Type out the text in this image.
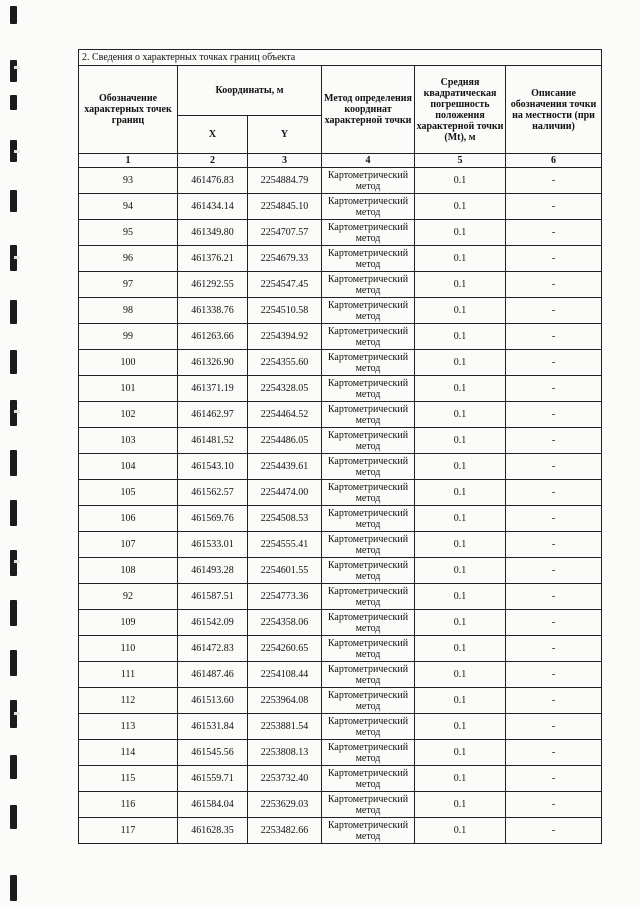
2. Сведения о характерных точках границ объекта					
Обозначение характерных точек границ	Координаты, м		Метод определения координат характерной точки	Средняя квадратическая погрешность положения характерной точки (Mt), м	Описание обозначения точки на местности (при наличии)
	X	Y			
1	2	3	4	5	6
93	461476.83	2254884.79	Картометрический метод	0.1	-
94	461434.14	2254845.10	Картометрический метод	0.1	-
95	461349.80	2254707.57	Картометрический метод	0.1	-
96	461376.21	2254679.33	Картометрический метод	0.1	-
97	461292.55	2254547.45	Картометрический метод	0.1	-
98	461338.76	2254510.58	Картометрический метод	0.1	-
99	461263.66	2254394.92	Картометрический метод	0.1	-
100	461326.90	2254355.60	Картометрический метод	0.1	-
101	461371.19	2254328.05	Картометрический метод	0.1	-
102	461462.97	2254464.52	Картометрический метод	0.1	-
103	461481.52	2254486.05	Картометрический метод	0.1	-
104	461543.10	2254439.61	Картометрический метод	0.1	-
105	461562.57	2254474.00	Картометрический метод	0.1	-
106	461569.76	2254508.53	Картометрический метод	0.1	-
107	461533.01	2254555.41	Картометрический метод	0.1	-
108	461493.28	2254601.55	Картометрический метод	0.1	-
92	461587.51	2254773.36	Картометрический метод	0.1	-
109	461542.09	2254358.06	Картометрический метод	0.1	-
110	461472.83	2254260.65	Картометрический метод	0.1	-
111	461487.46	2254108.44	Картометрический метод	0.1	-
112	461513.60	2253964.08	Картометрический метод	0.1	-
113	461531.84	2253881.54	Картометрический метод	0.1	-
114	461545.56	2253808.13	Картометрический метод	0.1	-
115	461559.71	2253732.40	Картометрический метод	0.1	-
116	461584.04	2253629.03	Картометрический метод	0.1	-
117	461628.35	2253482.66	Картометрический метод	0.1	-
